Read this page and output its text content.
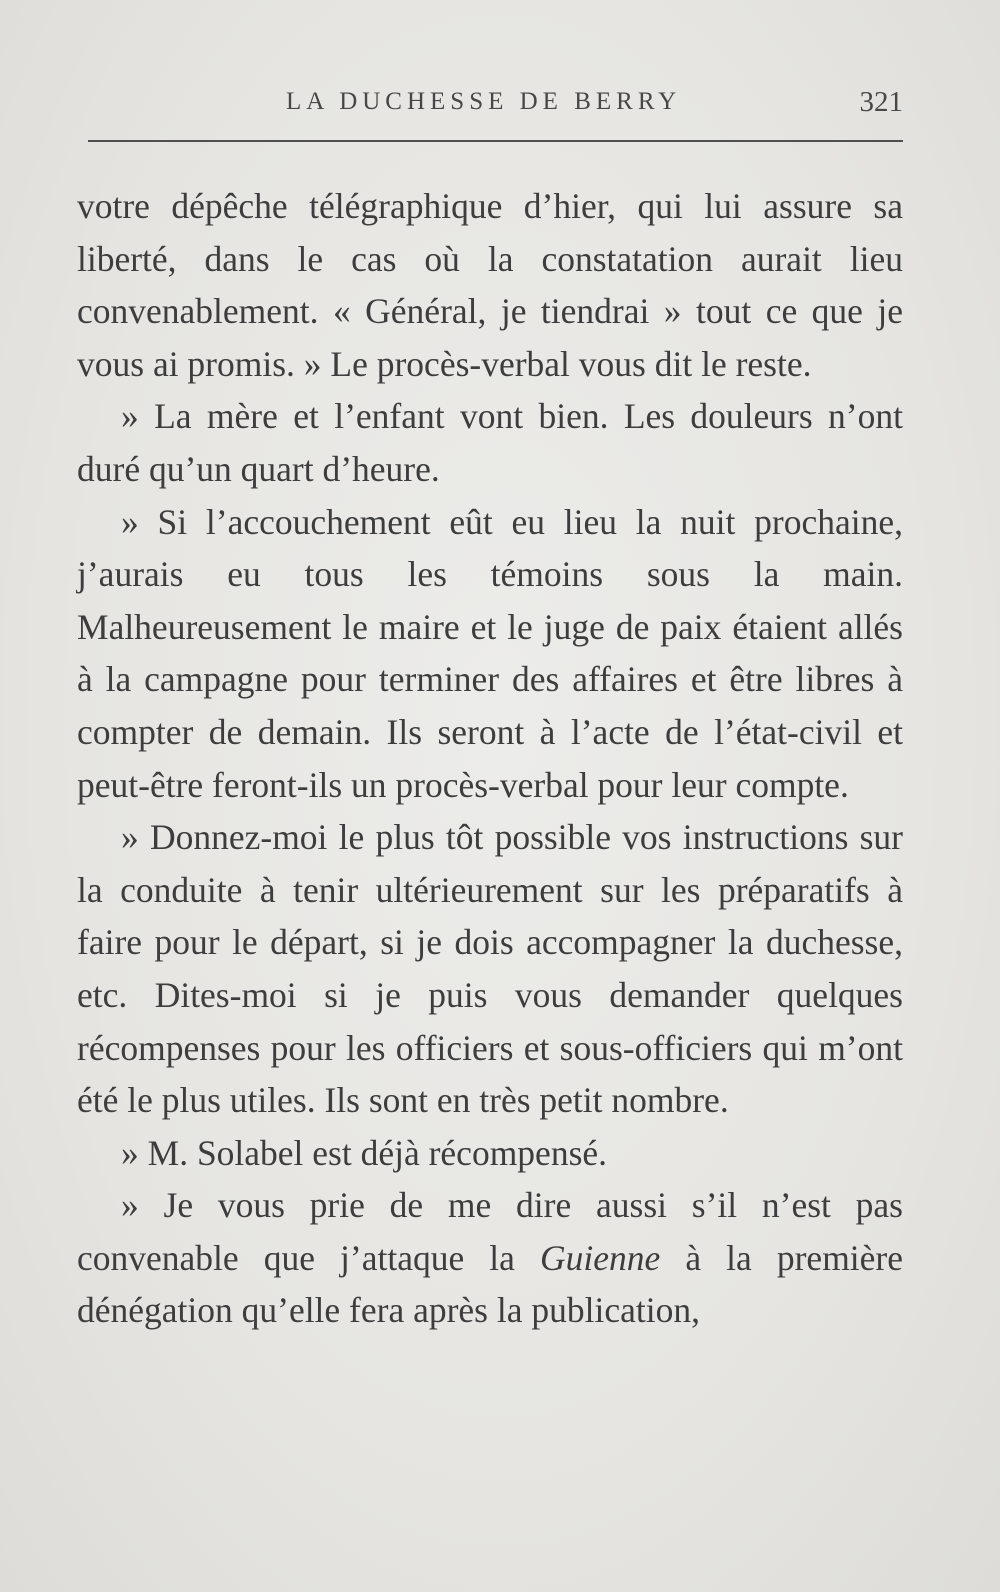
LA DUCHESSE DE BERRY	321

votre dépêche télégraphique d’hier, qui lui assure sa liberté, dans le cas où la constatation aurait lieu convenablement. « Général, je tiendrai » tout ce que je vous ai promis. » Le procès-verbal vous dit le reste.

» La mère et l’enfant vont bien. Les douleurs n’ont duré qu’un quart d’heure.

» Si l’accouchement eût eu lieu la nuit prochaine, j’aurais eu tous les témoins sous la main. Malheureusement le maire et le juge de paix étaient allés à la campagne pour terminer des affaires et être libres à compter de demain. Ils seront à l’acte de l’état-civil et peut-être feront-ils un procès-verbal pour leur compte.

» Donnez-moi le plus tôt possible vos instructions sur la conduite à tenir ultérieurement sur les préparatifs à faire pour le départ, si je dois accompagner la duchesse, etc. Dites-moi si je puis vous demander quelques récompenses pour les officiers et sous-officiers qui m’ont été le plus utiles. Ils sont en très petit nombre.

» M. Solabel est déjà récompensé.

» Je vous prie de me dire aussi s’il n’est pas convenable que j’attaque la Guienne à la première dénégation qu’elle fera après la publication,
